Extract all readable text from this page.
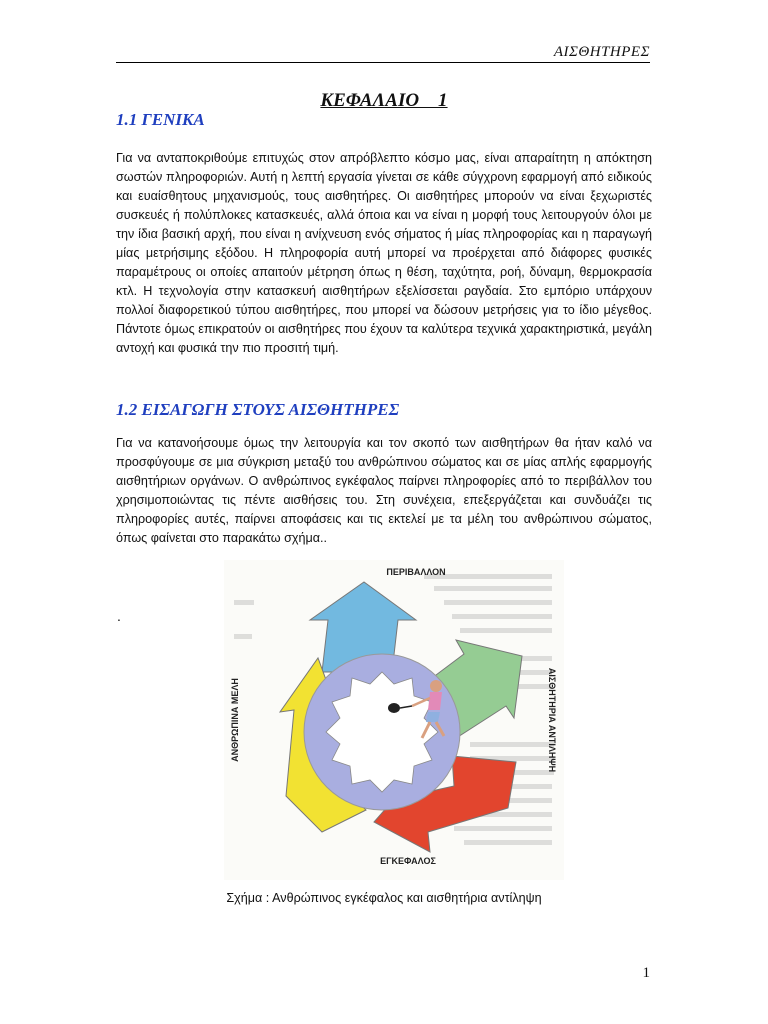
ΑΙΣΘΗΤΗΡΕΣ
ΚΕΦΑΛΑΙΟ    1
1.1 ΓΕΝΙΚΑ

Για να ανταποκριθούμε επιτυχώς στον απρόβλεπτο κόσμο μας, είναι απαραίτητη η απόκτηση σωστών πληροφοριών. Αυτή η λεπτή εργασία γίνεται σε κάθε σύγχρονη εφαρμογή από ειδικούς και ευαίσθητους μηχανισμούς, τους αισθητήρες. Οι αισθητήρες μπορούν να είναι ξεχωριστές συσκευές ή πολύπλοκες κατασκευές, αλλά όποια και να είναι η μορφή τους λειτουργούν όλοι με την ίδια βασική αρχή, που είναι η ανίχνευση ενός σήματος ή μίας πληροφορίας και η παραγωγή μίας μετρήσιμης εξόδου. Η πληροφορία αυτή μπορεί να προέρχεται από διάφορες φυσικές παραμέτρους οι οποίες απαιτούν μέτρηση όπως η θέση, ταχύτητα, ροή, δύναμη, θερμοκρασία κτλ. Η τεχνολογία στην κατασκευή αισθητήρων εξελίσσεται ραγδαία. Στο εμπόριο υπάρχουν πολλοί διαφορετικού τύπου αισθητήρες, που μπορεί να δώσουν μετρήσεις για το ίδιο μέγεθος. Πάντοτε όμως επικρατούν οι αισθητήρες που έχουν τα καλύτερα τεχνικά χαρακτηριστικά, μεγάλη αντοχή και φυσικά την πιο προσιτή τιμή.

1.2 ΕΙΣΑΓΩΓΗ ΣΤΟΥΣ ΑΙΣΘΗΤΗΡΕΣ

Για να κατανοήσουμε όμως την λειτουργία και τον σκοπό των αισθητήρων θα ήταν καλό να προσφύγουμε σε μια σύγκριση μεταξύ του ανθρώπινου σώματος και σε μίας απλής εφαρμογής αισθητήριων οργάνων. Ο ανθρώπινος εγκέφαλος παίρνει πληροφορίες από το περιβάλλον του χρησιμοποιώντας τις πέντε αισθήσεις του. Στη συνέχεια, επεξεργάζεται και συνδυάζει τις πληροφορίες αυτές, παίρνει αποφάσεις και τις εκτελεί με τα μέλη του ανθρώπινου σώματος, όπως φαίνεται στο παρακάτω σχήμα..

.
ΠΕΡΙΒΑΛΛΟΝ
ΕΓΚΕΦΑΛΟΣ
ΑΝΘΡΩΠΙΝΑ ΜΕΛΗ	ΑΙΣΘΗΤΗΡΙΑ ΑΝΤΙΛΗΨΗ
Σχήμα : Ανθρώπινος εγκέφαλος και αισθητήρια αντίληψη
1
